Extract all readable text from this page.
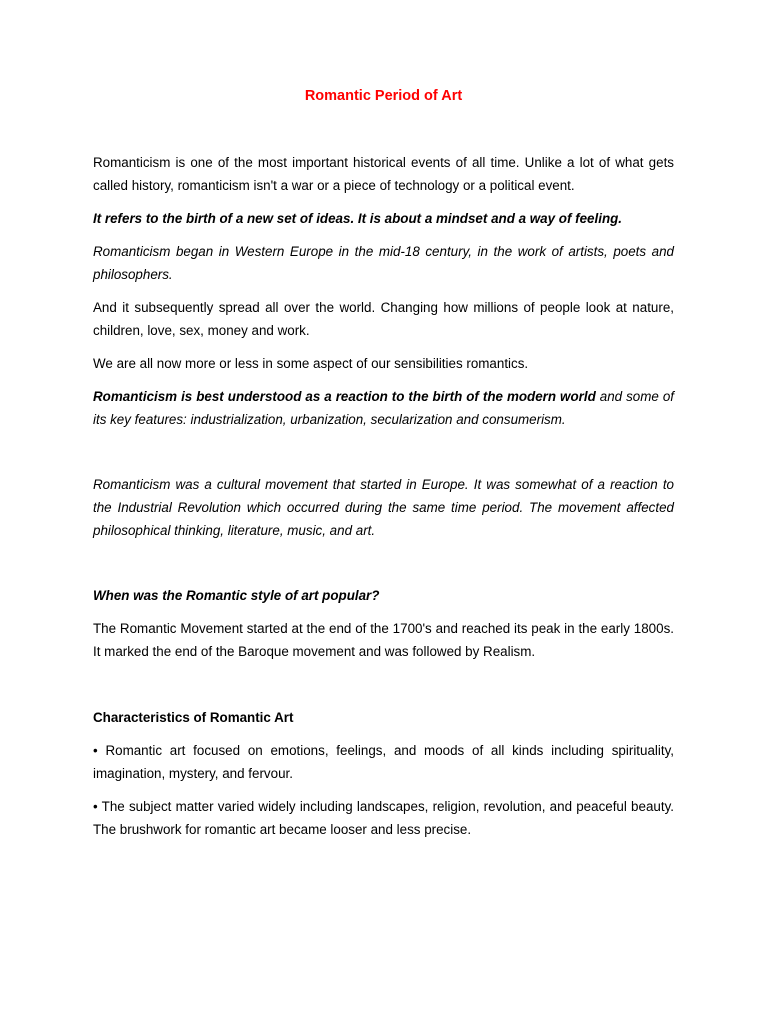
Romantic Period of Art

Romanticism is one of the most important historical events of all time. Unlike a lot of what gets called history, romanticism isn't a war or a piece of technology or a political event.

It refers to the birth of a new set of ideas. It is about a mindset and a way of feeling.

Romanticism began in Western Europe in the mid-18 century, in the work of artists, poets and philosophers.

And it subsequently spread all over the world. Changing how millions of people look at nature, children, love, sex, money and work.

We are all now more or less in some aspect of our sensibilities romantics.

Romanticism is best understood as a reaction to the birth of the modern world and some of its key features: industrialization, urbanization, secularization and consumerism.

Romanticism was a cultural movement that started in Europe. It was somewhat of a reaction to the Industrial Revolution which occurred during the same time period. The movement affected philosophical thinking, literature, music, and art.

When was the Romantic style of art popular?

The Romantic Movement started at the end of the 1700's and reached its peak in the early 1800s. It marked the end of the Baroque movement and was followed by Realism.

Characteristics of Romantic Art

• Romantic art focused on emotions, feelings, and moods of all kinds including spirituality, imagination, mystery, and fervour.

• The subject matter varied widely including landscapes, religion, revolution, and peaceful beauty. The brushwork for romantic art became looser and less precise.
